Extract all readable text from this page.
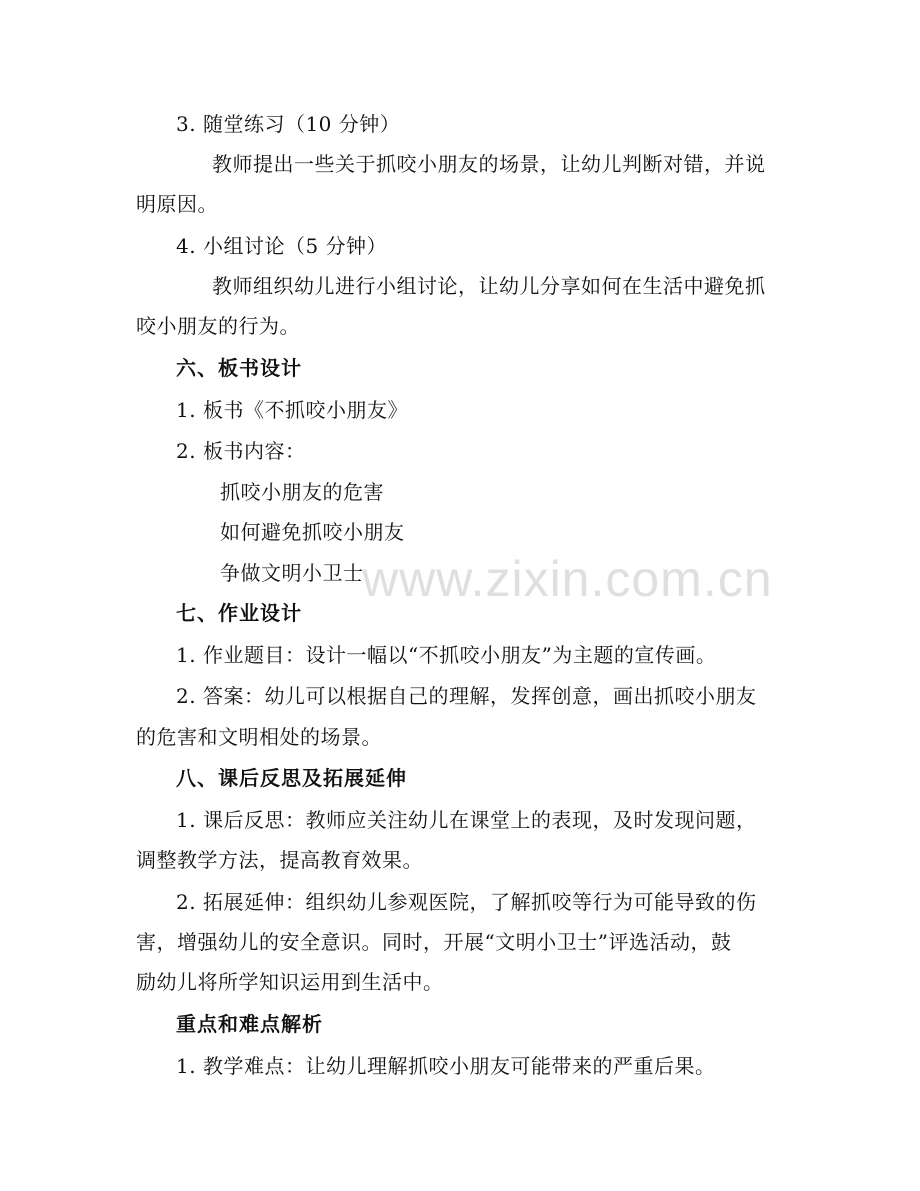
3. 随堂练习（10 分钟）
教师提出一些关于抓咬小朋友的场景，让幼儿判断对错，并说
明原因。
4. 小组讨论（5 分钟）
教师组织幼儿进行小组讨论，让幼儿分享如何在生活中避免抓
咬小朋友的行为。
六、板书设计
1. 板书《不抓咬小朋友》
2. 板书内容：
抓咬小朋友的危害
如何避免抓咬小朋友
争做文明小卫士
七、作业设计
1. 作业题目：设计一幅以“不抓咬小朋友”为主题的宣传画。
2. 答案：幼儿可以根据自己的理解，发挥创意，画出抓咬小朋友
的危害和文明相处的场景。
八、课后反思及拓展延伸
1. 课后反思：教师应关注幼儿在课堂上的表现，及时发现问题，
调整教学方法，提高教育效果。
2. 拓展延伸：组织幼儿参观医院，了解抓咬等行为可能导致的伤
害，增强幼儿的安全意识。同时，开展“文明小卫士”评选活动，鼓
励幼儿将所学知识运用到生活中。
重点和难点解析
1. 教学难点：让幼儿理解抓咬小朋友可能带来的严重后果。
www.zixin.com.cn
